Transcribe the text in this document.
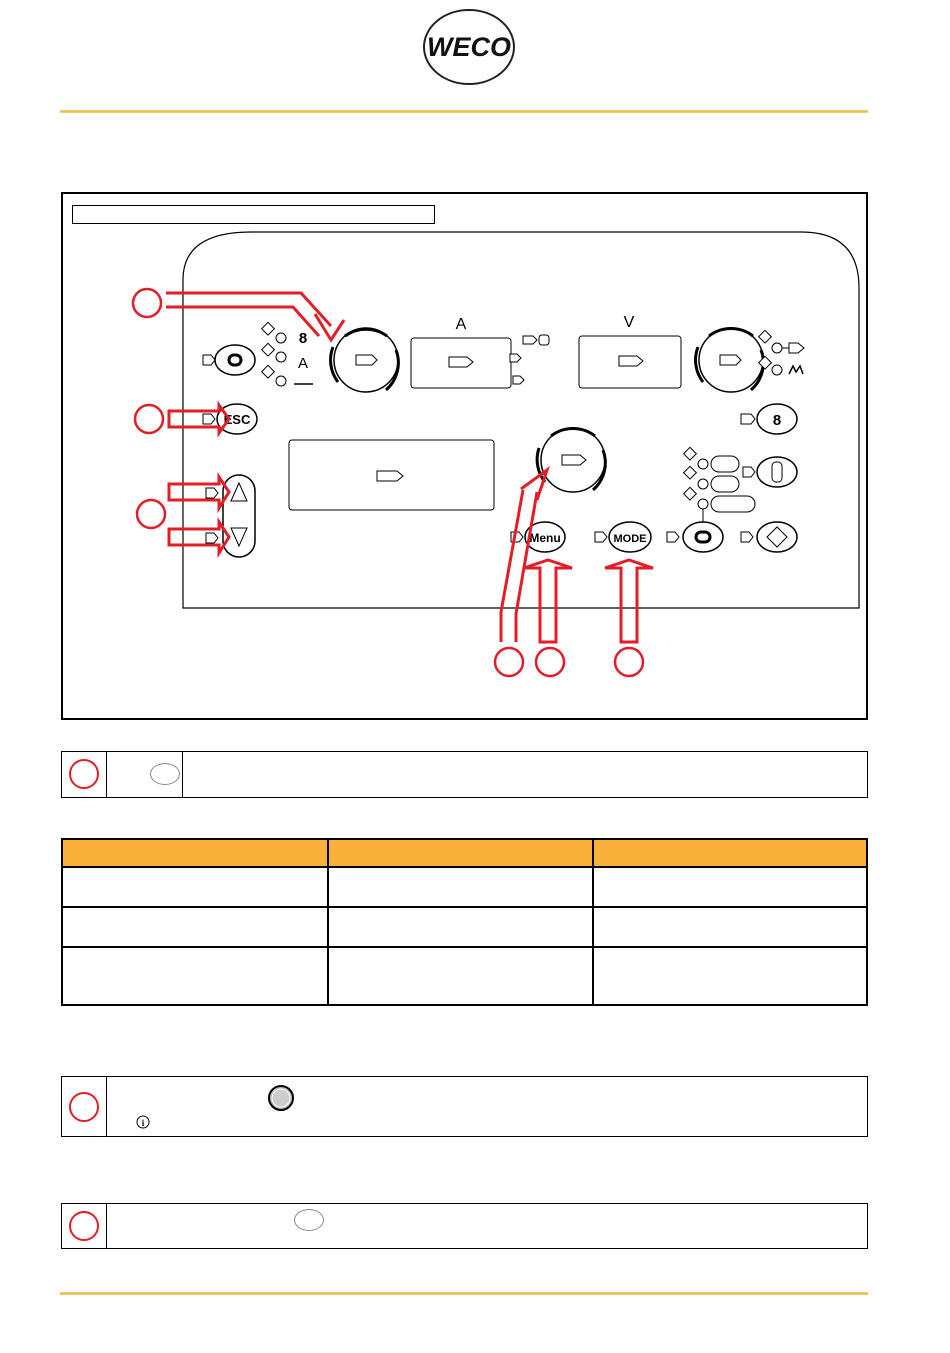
WECO
A	V
8
A
ESC	8
Menu	MODE

i
